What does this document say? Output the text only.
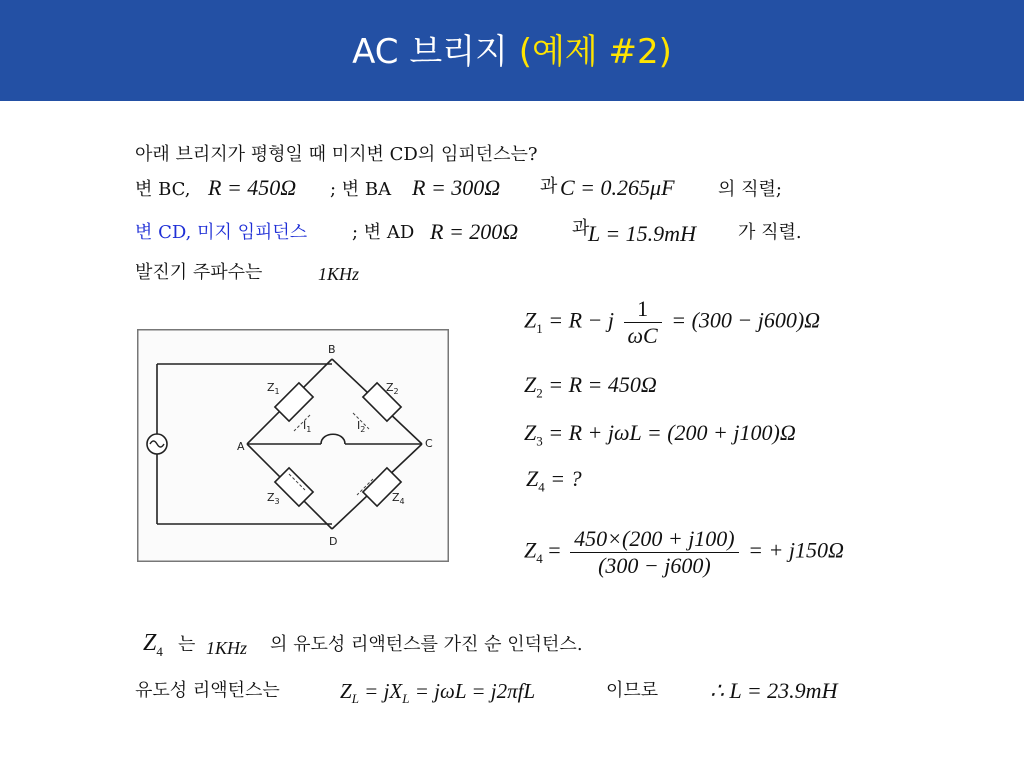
AC 브리지 (예제 #2)
아래 브리지가 평형일 때 미지변 CD의 임피던스는?
변 BC, R = 450Ω ; 변 BA R = 300Ω 과 C = 0.265μF 의 직렬;
변 CD, 미지 임피던스 ; 변 AD R = 200Ω	과
L = 15.9mH 가 직렬.
발진기 주파수는	1KHz
B
A	C
D
$Z_1$	$Z_2$
$Z_3$	$Z_4$
$I_1$	$I_2$
$Z_1 = R - j \frac{1}{\omega C} = (300 - j600)\Omega$
$Z_2 = R = 450\Omega$
$Z_3 = R + j\omega L = (200 + j100)\Omega$
$Z_4$ = ?
$Z_4 = \frac{450\times(200 + j100)}{(300 - j600)}$ = + j150Ω
$Z_4$ 는 1KHz 의 유도성 리액턴스를 가진 순 인덕턴스.
유도성 리액턴스는	$Z_L = jX_L = j\omega L = j2\pi fL$	이므로 ∴ L = 23.9mH
